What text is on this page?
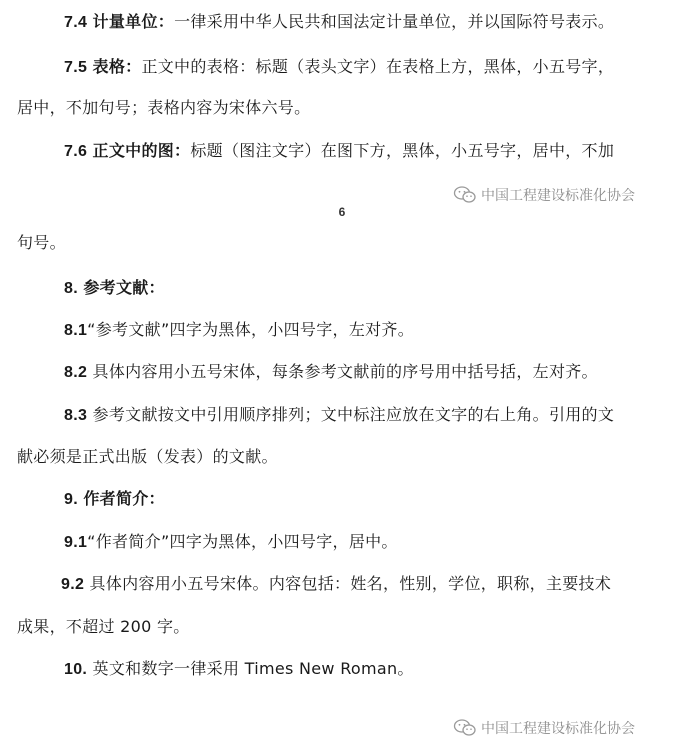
7.4 计量单位：一律采用中华人民共和国法定计量单位，并以国际符号表示。
7.5 表格：正文中的表格：标题（表头文字）在表格上方，黑体，小五号字，
居中，不加句号；表格内容为宋体六号。
7.6 正文中的图：标题（图注文字）在图下方，黑体，小五号字，居中，不加
中国工程建设标准化协会
6
句号。
8. 参考文献：
8.1“参考文献”四字为黑体，小四号字，左对齐。
8.2 具体内容用小五号宋体，每条参考文献前的序号用中括号括，左对齐。
8.3 参考文献按文中引用顺序排列；文中标注应放在文字的右上角。引用的文
献必须是正式出版（发表）的文献。
9. 作者简介：
9.1“作者简介”四字为黑体，小四号字，居中。
9.2 具体内容用小五号宋体。内容包括：姓名，性别，学位，职称，主要技术
成果，不超过 200 字。
10. 英文和数字一律采用 Times New Roman。
中国工程建设标准化协会
